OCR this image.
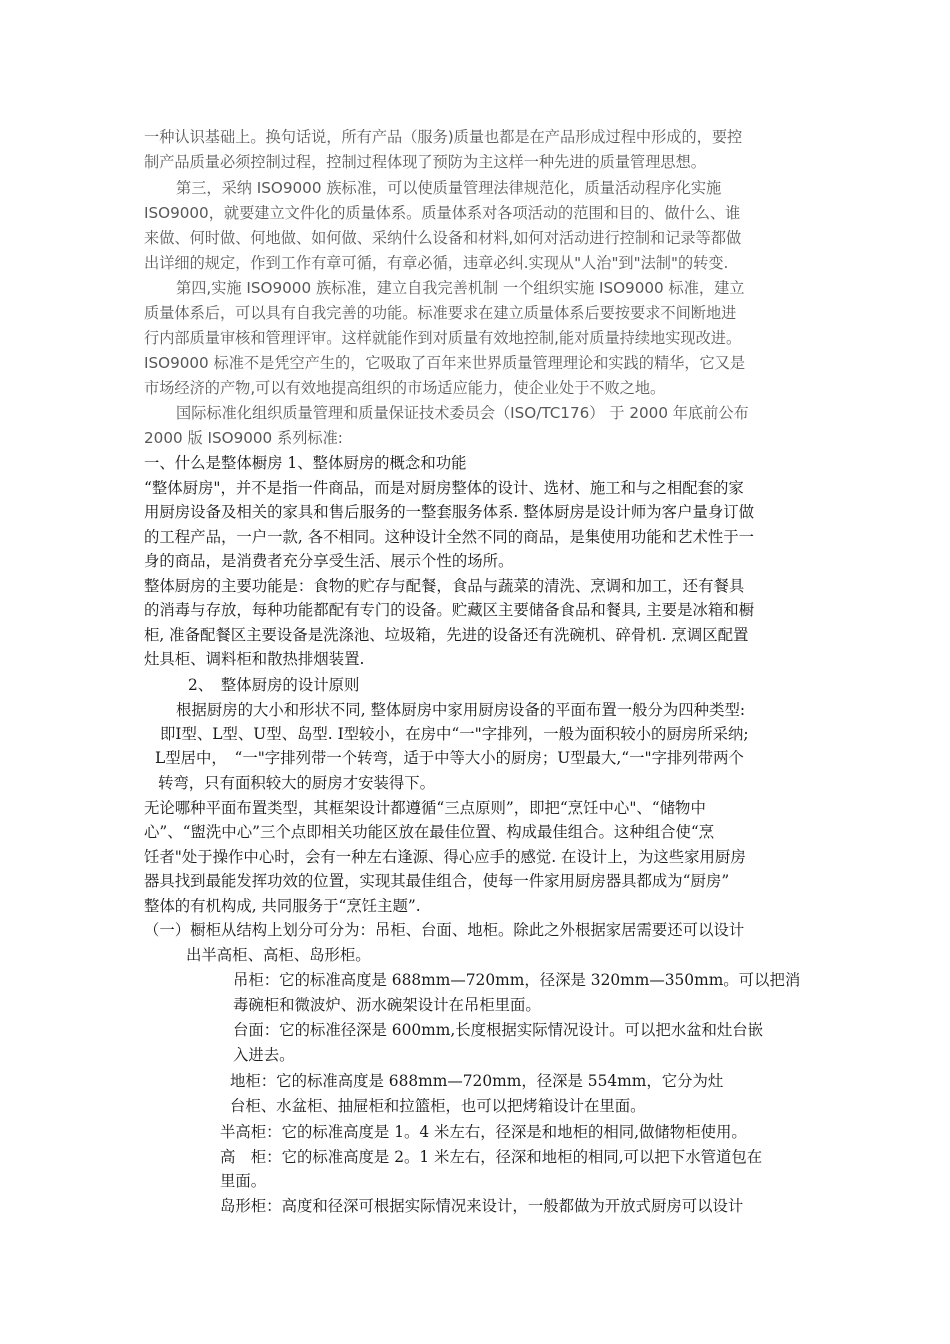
一种认识基础上。换句话说，所有产品（服务)质量也都是在产品形成过程中形成的，要控
制产品质量必须控制过程，控制过程体现了预防为主这样一种先进的质量管理思想。
第三，采纳 ISO9000 族标准，可以使质量管理法律规范化，质量活动程序化实施
ISO9000，就要建立文件化的质量体系。质量体系对各项活动的范围和目的、做什么、谁
来做、何时做、何地做、如何做、采纳什么设备和材料,如何对活动进行控制和记录等都做
出详细的规定，作到工作有章可循，有章必循，违章必纠.实现从"人治"到"法制"的转变.
第四,实施 ISO9000 族标准，建立自我完善机制 一个组织实施 ISO9000 标准，建立
质量体系后，可以具有自我完善的功能。标准要求在建立质量体系后要按要求不间断地进
行内部质量审核和管理评审。这样就能作到对质量有效地控制,能对质量持续地实现改进。
ISO9000 标准不是凭空产生的，它吸取了百年来世界质量管理理论和实践的精华，它又是
市场经济的产物,可以有效地提高组织的市场适应能力，使企业处于不败之地。
国际标准化组织质量管理和质量保证技术委员会（ISO/TC176） 于 2000 年底前公布
2000 版 ISO9000 系列标准:
一、什么是整体橱房 1、整体厨房的概念和功能
“整体厨房"，并不是指一件商品，而是对厨房整体的设计、选材、施工和与之相配套的家
用厨房设备及相关的家具和售后服务的一整套服务体系. 整体厨房是设计师为客户量身订做
的工程产品，一户一款, 各不相同。这种设计全然不同的商品，是集使用功能和艺术性于一
身的商品，是消费者充分享受生活、展示个性的场所。
整体厨房的主要功能是：食物的贮存与配餐，食品与蔬菜的清洗、烹调和加工，还有餐具
的消毒与存放，每种功能都配有专门的设备。贮藏区主要储备食品和餐具, 主要是冰箱和橱
柜, 准备配餐区主要设备是洗涤池、垃圾箱，先进的设备还有洗碗机、碎骨机. 烹调区配置
灶具柜、调料柜和散热排烟装置.
2、　整体厨房的设计原则
根据厨房的大小和形状不同, 整体厨房中家用厨房设备的平面布置一般分为四种类型:
即I型、L型、U型、岛型. I型较小，在房中“一"字排列，一般为面积较小的厨房所采纳;
L型居中，　“一"字排列带一个转弯，适于中等大小的厨房；U型最大,“一"字排列带两个
转弯，只有面积较大的厨房才安装得下。
无论哪种平面布置类型，其框架设计都遵循“三点原则”，即把“烹饪中心"、“储物中
心”、“盥洗中心”三个点即相关功能区放在最佳位置、构成最佳组合。这种组合使“烹
饪者"处于操作中心时，会有一种左右逢源、得心应手的感觉. 在设计上，为这些家用厨房
器具找到最能发挥功效的位置，实现其最佳组合，使每一件家用厨房器具都成为“厨房”
整体的有机构成, 共同服务于“烹饪主题”.
（一）橱柜从结构上划分可分为：吊柜、台面、地柜。除此之外根据家居需要还可以设计
出半高柜、高柜、岛形柜。
吊柜：它的标准高度是 688mm—720mm，径深是 320mm—350mm。可以把消
毒碗柜和微波炉、沥水碗架设计在吊柜里面。
台面：它的标准径深是 600mm,长度根据实际情况设计。可以把水盆和灶台嵌
入进去。
地柜：它的标准高度是 688mm—720mm，径深是 554mm，它分为灶
台柜、水盆柜、抽屉柜和拉篮柜，也可以把烤箱设计在里面。
半高柜：它的标准高度是 1。4 米左右，径深是和地柜的相同,做储物柜使用。
高　柜：它的标准高度是 2。1 米左右，径深和地柜的相同,可以把下水管道包在
里面。
岛形柜：高度和径深可根据实际情况来设计，一般都做为开放式厨房可以设计
